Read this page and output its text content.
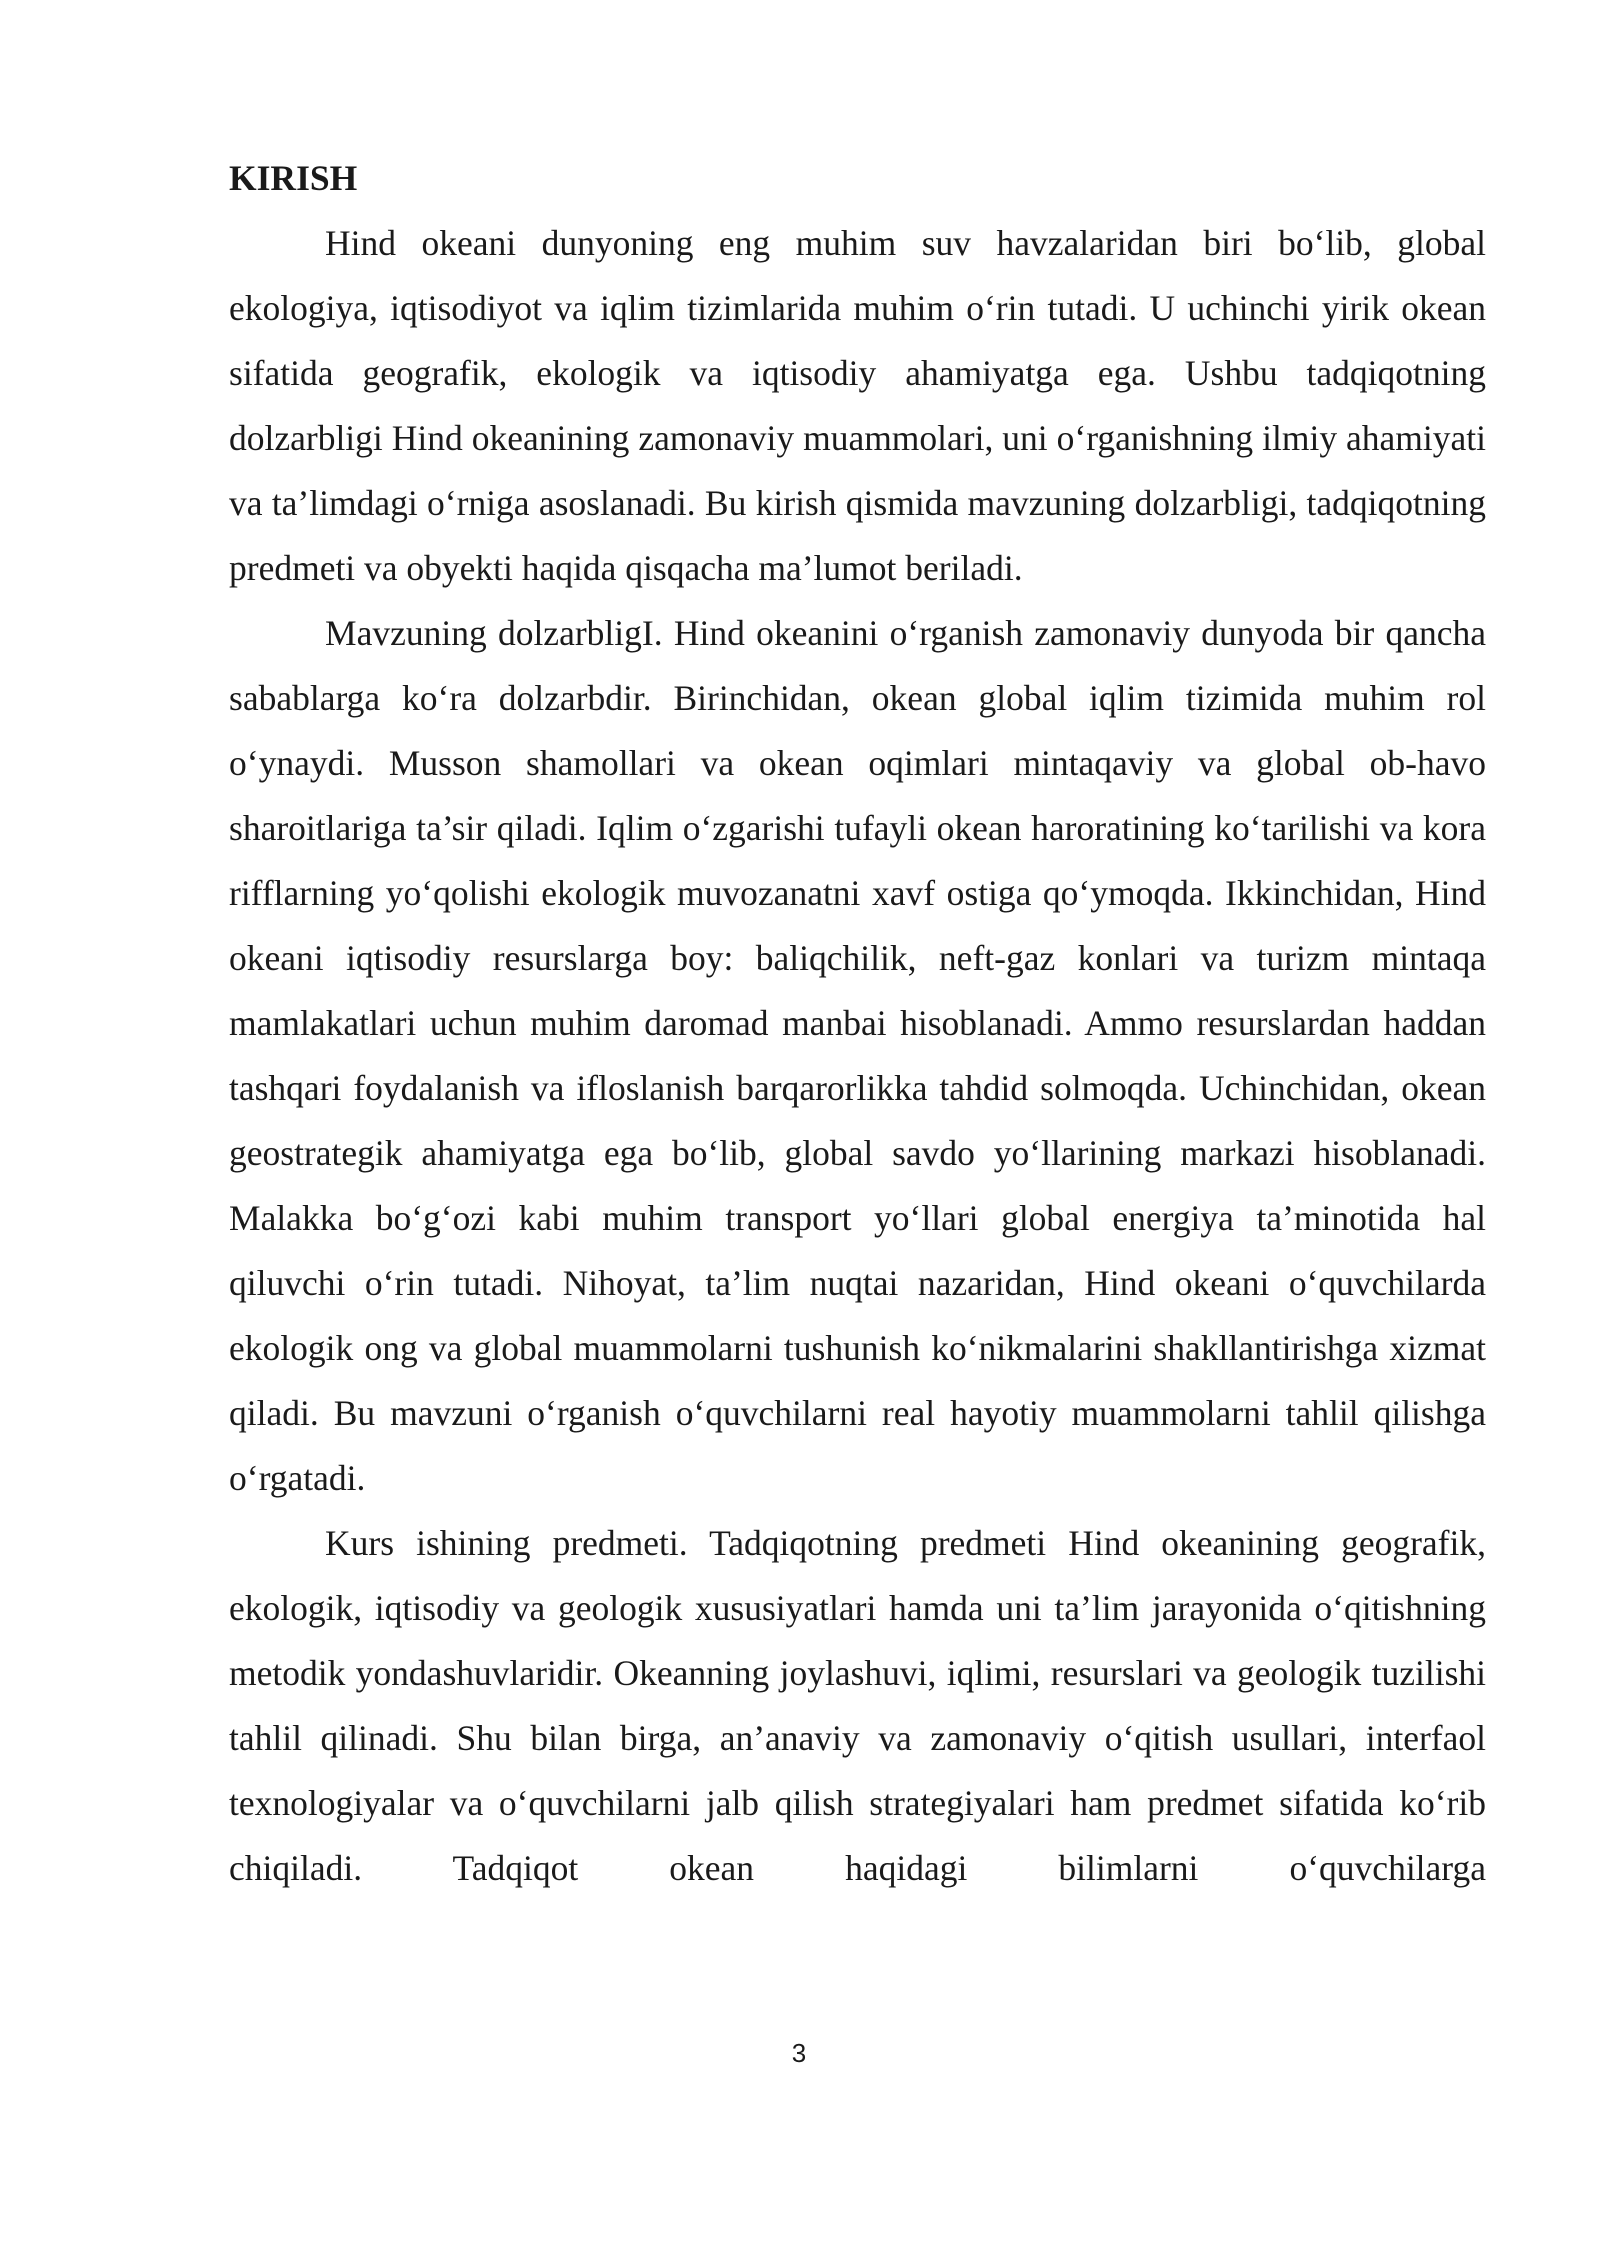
KIRISH

Hind okeani dunyoning eng muhim suv havzalaridan biri bo‘lib, global ekologiya, iqtisodiyot va iqlim tizimlarida muhim o‘rin tutadi. U uchinchi yirik okean sifatida geografik, ekologik va iqtisodiy ahamiyatga ega. Ushbu tadqiqotning dolzarbligi Hind okeanining zamonaviy muammolari, uni o‘rganishning ilmiy ahamiyati va ta’limdagi o‘rniga asoslanadi. Bu kirish qismida mavzuning dolzarbligi, tadqiqotning predmeti va obyekti haqida qisqacha ma’lumot beriladi.

Mavzuning dolzarbligI. Hind okeanini o‘rganish zamonaviy dunyoda bir qancha sabablarga ko‘ra dolzarbdir. Birinchidan, okean global iqlim tizimida muhim rol o‘ynaydi. Musson shamollari va okean oqimlari mintaqaviy va global ob-havo sharoitlariga ta’sir qiladi. Iqlim o‘zgarishi tufayli okean haroratining ko‘tarilishi va kora rifflarning yo‘qolishi ekologik muvozanatni xavf ostiga qo‘ymoqda. Ikkinchidan, Hind okeani iqtisodiy resurslarga boy: baliqchilik, neft-gaz konlari va turizm mintaqa mamlakatlari uchun muhim daromad manbai hisoblanadi. Ammo resurslardan haddan tashqari foydalanish va ifloslanish barqarorlikka tahdid solmoqda. Uchinchidan, okean geostrategik ahamiyatga ega bo‘lib, global savdo yo‘llarining markazi hisoblanadi. Malakka bo‘g‘ozi kabi muhim transport yo‘llari global energiya ta’minotida hal qiluvchi o‘rin tutadi. Nihoyat, ta’lim nuqtai nazaridan, Hind okeani o‘quvchilarda ekologik ong va global muammolarni tushunish ko‘nikmalarini shakllantirishga xizmat qiladi. Bu mavzuni o‘rganish o‘quvchilarni real hayotiy muammolarni tahlil qilishga o‘rgatadi.

Kurs ishining predmeti. Tadqiqotning predmeti Hind okeanining geografik, ekologik, iqtisodiy va geologik xususiyatlari hamda uni ta’lim jarayonida o‘qitishning metodik yondashuvlaridir. Okeanning joylashuvi, iqlimi, resurslari va geologik tuzilishi tahlil qilinadi. Shu bilan birga, an’anaviy va zamonaviy o‘qitish usullari, interfaol texnologiyalar va o‘quvchilarni jalb qilish strategiyalari ham predmet sifatida ko‘rib chiqiladi. Tadqiqot okean haqidagi bilimlarni o‘quvchilarga

3
